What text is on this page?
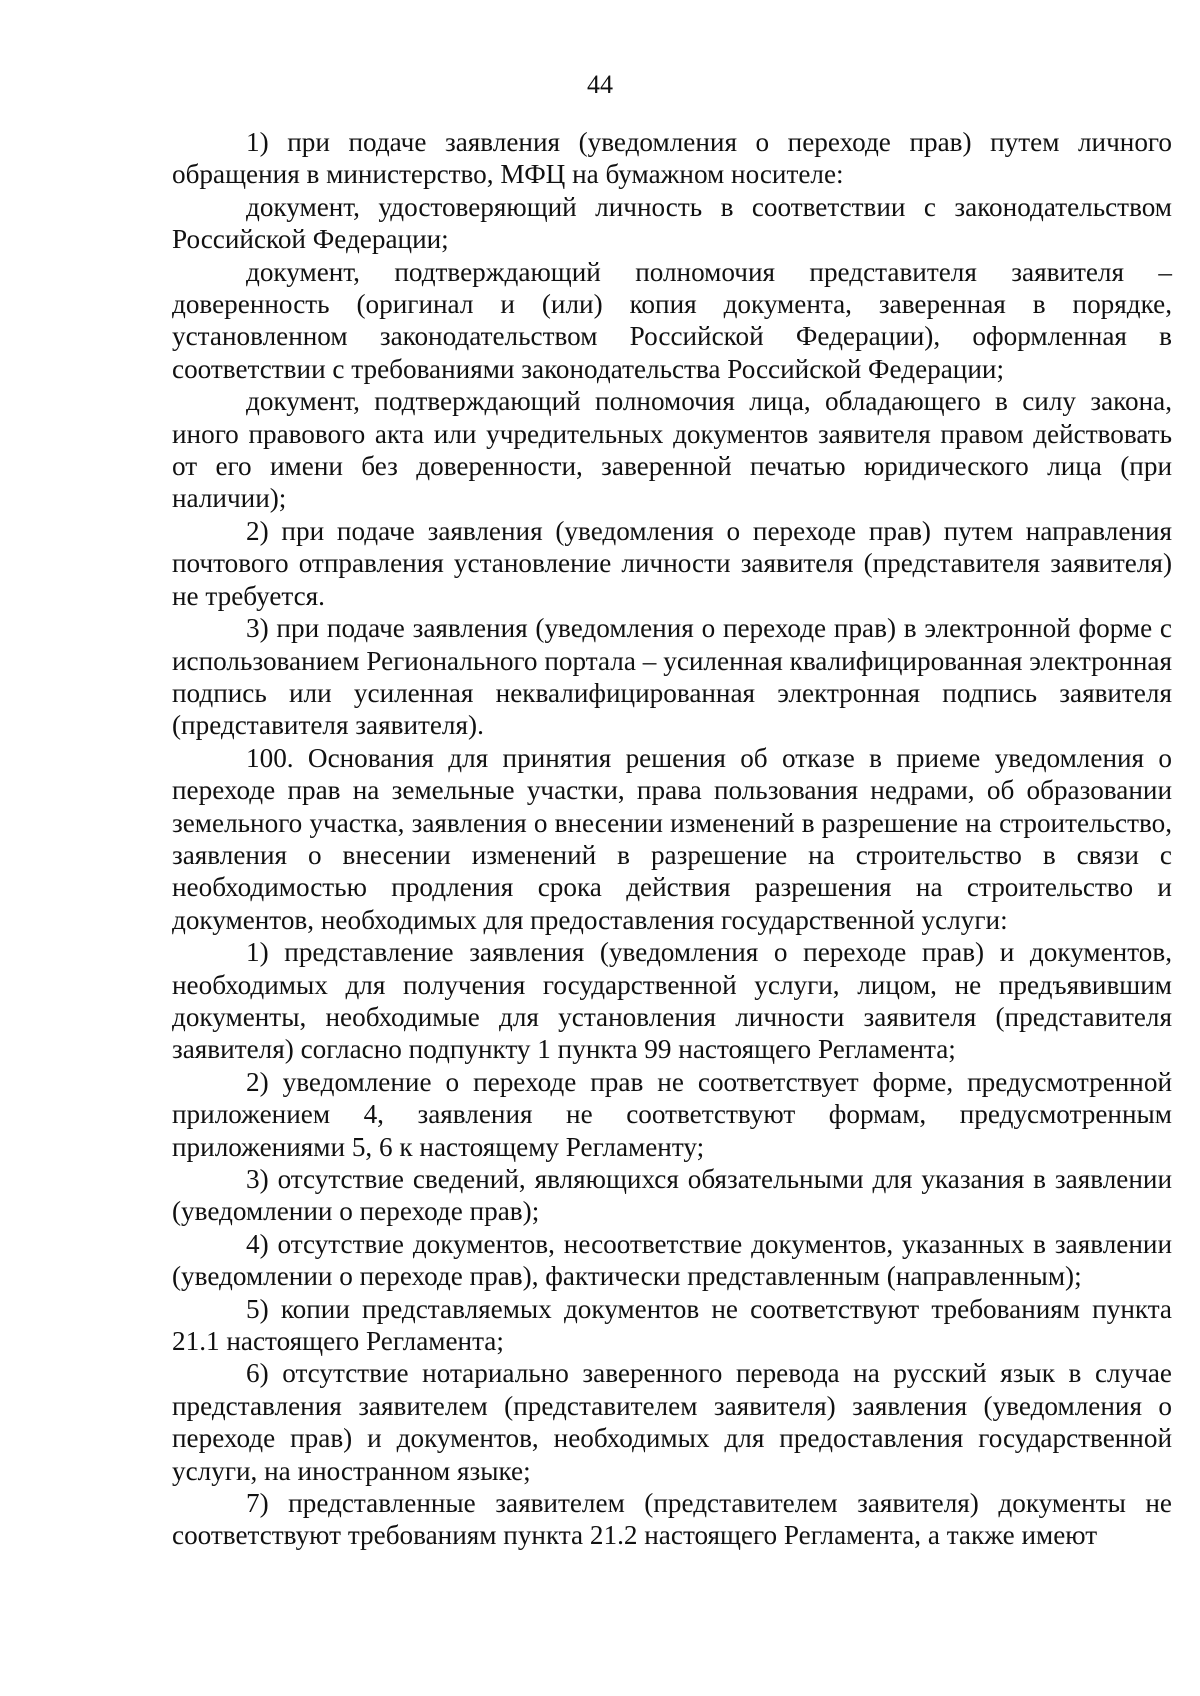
44

1) при подаче заявления (уведомления о переходе прав) путем личного обращения в министерство, МФЦ на бумажном носителе:

документ, удостоверяющий личность в соответствии с законодательством Российской Федерации;

документ, подтверждающий полномочия представителя заявителя – доверенность (оригинал и (или) копия документа, заверенная в порядке, установленном законодательством Российской Федерации), оформленная в соответствии с требованиями законодательства Российской Федерации;

документ, подтверждающий полномочия лица, обладающего в силу закона, иного правового акта или учредительных документов заявителя правом действовать от его имени без доверенности, заверенной печатью юридического лица (при наличии);

2) при подаче заявления (уведомления о переходе прав) путем направления почтового отправления установление личности заявителя (представителя заявителя) не требуется.

3) при подаче заявления (уведомления о переходе прав) в электронной форме с использованием Регионального портала – усиленная квалифицированная электронная подпись или усиленная неквалифицированная электронная подпись заявителя (представителя заявителя).

100. Основания для принятия решения об отказе в приеме уведомления о переходе прав на земельные участки, права пользования недрами, об образовании земельного участка, заявления о внесении изменений в разрешение на строительство, заявления о внесении изменений в разрешение на строительство в связи с необходимостью продления срока действия разрешения на строительство и документов, необходимых для предоставления государственной услуги:

1) представление заявления (уведомления о переходе прав) и документов, необходимых для получения государственной услуги, лицом, не предъявившим документы, необходимые для установления личности заявителя (представителя заявителя) согласно подпункту 1 пункта 99 настоящего Регламента;

2) уведомление о переходе прав не соответствует форме, предусмотренной приложением 4, заявления не соответствуют формам, предусмотренным приложениями 5, 6 к настоящему Регламенту;

3) отсутствие сведений, являющихся обязательными для указания в заявлении (уведомлении о переходе прав);

4) отсутствие документов, несоответствие документов, указанных в заявлении (уведомлении о переходе прав), фактически представленным (направленным);

5) копии представляемых документов не соответствуют требованиям пункта 21.1 настоящего Регламента;

6) отсутствие нотариально заверенного перевода на русский язык в случае представления заявителем (представителем заявителя) заявления (уведомления о переходе прав) и документов, необходимых для предоставления государственной услуги, на иностранном языке;

7) представленные заявителем (представителем заявителя) документы не соответствуют требованиям пункта 21.2 настоящего Регламента, а также имеют
